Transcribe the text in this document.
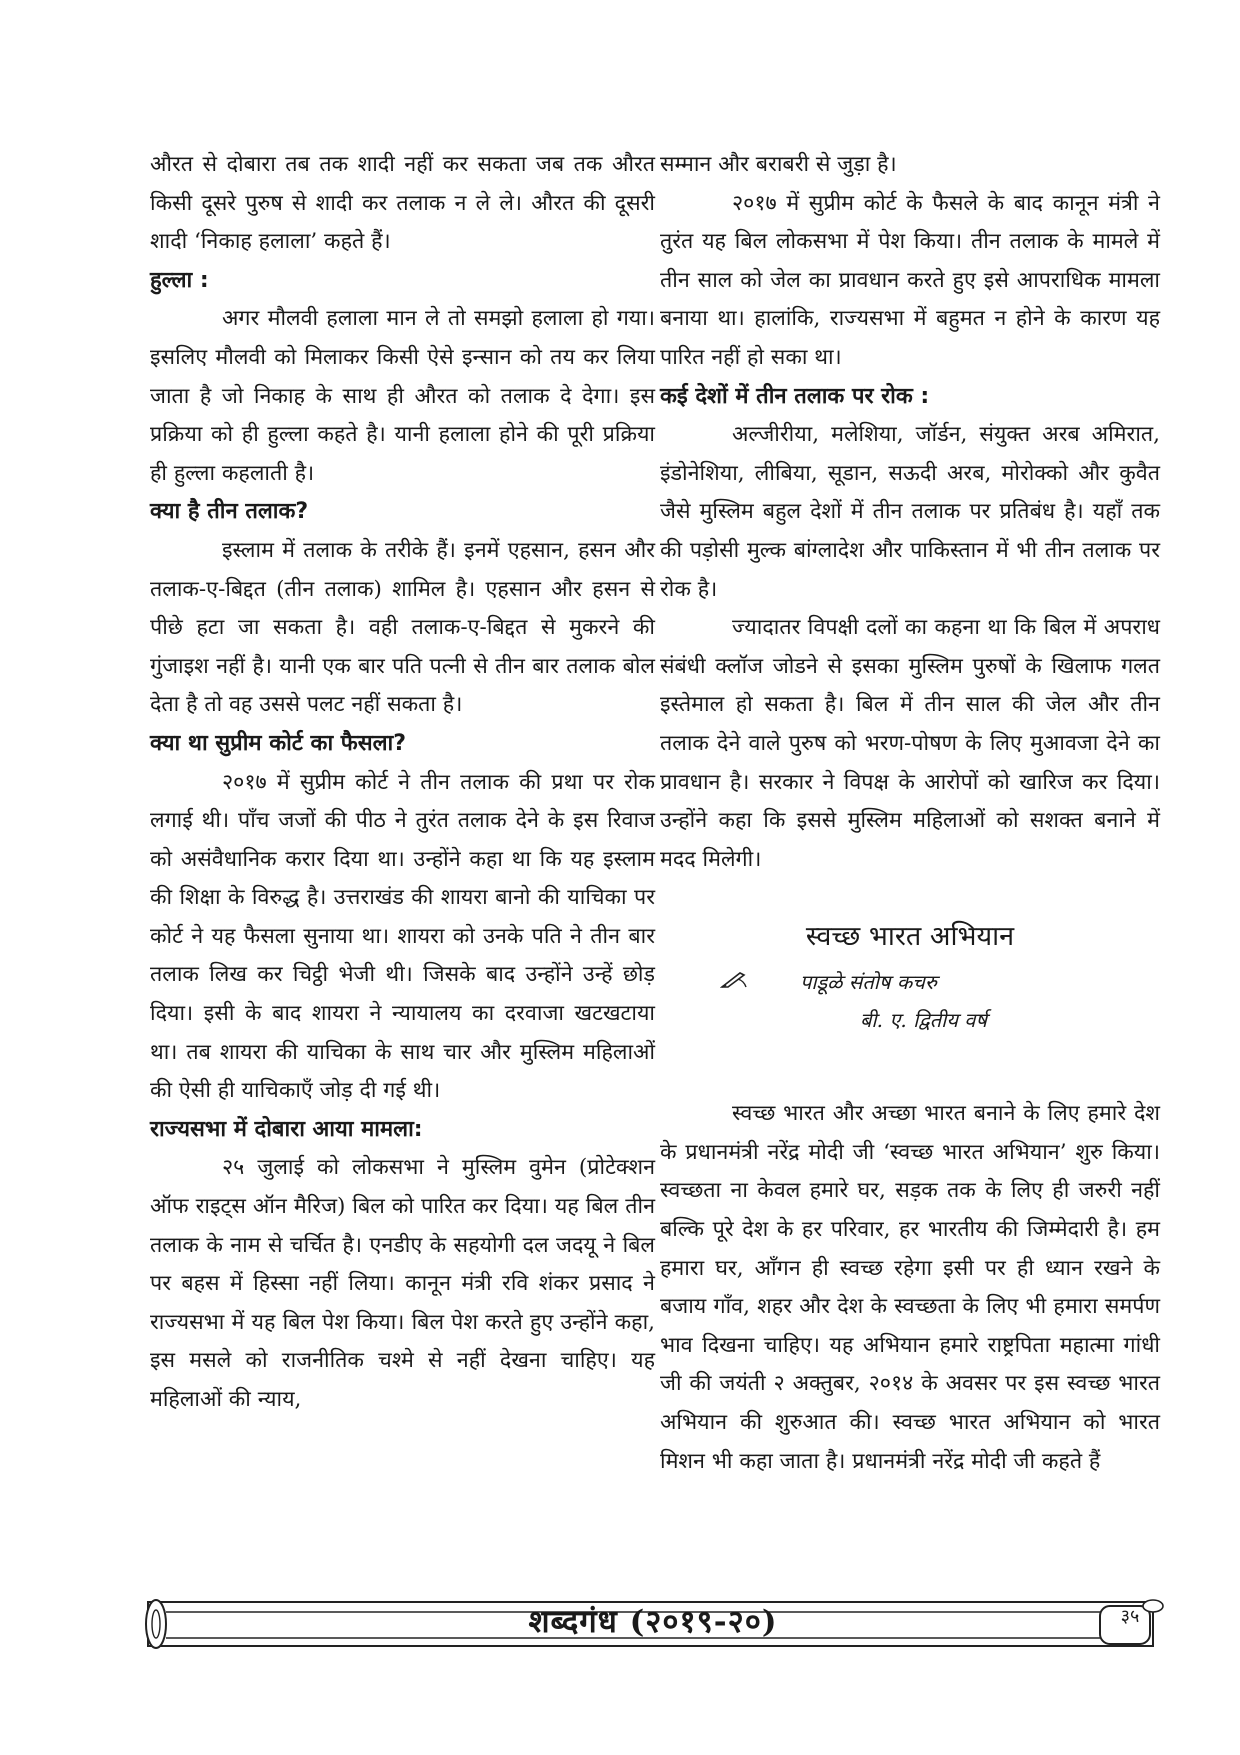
औरत से दोबारा तब तक शादी नहीं कर सकता जब तक औरत किसी दूसरे पुरुष से शादी कर तलाक न ले ले। औरत की दूसरी शादी ‘निकाह हलाला’ कहते हैं।

हुल्ला :

अगर मौलवी हलाला मान ले तो समझो हलाला हो गया। इसलिए मौलवी को मिलाकर किसी ऐसे इन्सान को तय कर लिया जाता है जो निकाह के साथ ही औरत को तलाक दे देगा। इस प्रक्रिया को ही हुल्ला कहते है। यानी हलाला होने की पूरी प्रक्रिया ही हुल्ला कहलाती है।

क्या है तीन तलाक?

इस्लाम में तलाक के तरीके हैं। इनमें एहसान, हसन और तलाक-ए-बिद्दत (तीन तलाक) शामिल है। एहसान और हसन से पीछे हटा जा सकता है। वही तलाक-ए-बिद्दत से मुकरने की गुंजाइश नहीं है। यानी एक बार पति पत्नी से तीन बार तलाक बोल देता है तो वह उससे पलट नहीं सकता है।

क्या था सुप्रीम कोर्ट का फैसला?

२०१७ में सुप्रीम कोर्ट ने तीन तलाक की प्रथा पर रोक लगाई थी। पाँच जजों की पीठ ने तुरंत तलाक देने के इस रिवाज को असंवैधानिक करार दिया था। उन्होंने कहा था कि यह इस्लाम की शिक्षा के विरुद्ध है। उत्तराखंड की शायरा बानो की याचिका पर कोर्ट ने यह फैसला सुनाया था। शायरा को उनके पति ने तीन बार तलाक लिख कर चिट्ठी भेजी थी। जिसके बाद उन्होंने उन्हें छोड़ दिया। इसी के बाद शायरा ने न्यायालय का दरवाजा खटखटाया था। तब शायरा की याचिका के साथ चार और मुस्लिम महिलाओं की ऐसी ही याचिकाएँ जोड़ दी गई थी।

राज्यसभा में दोबारा आया मामला:

२५ जुलाई को लोकसभा ने मुस्लिम वुमेन (प्रोटेक्शन ऑफ राइट्स ऑन मैरिज) बिल को पारित कर दिया। यह बिल तीन तलाक के नाम से चर्चित है। एनडीए के सहयोगी दल जदयू ने बिल पर बहस में हिस्सा नहीं लिया। कानून मंत्री रवि शंकर प्रसाद ने राज्यसभा में यह बिल पेश किया। बिल पेश करते हुए उन्होंने कहा, इस मसले को राजनीतिक चश्मे से नहीं देखना चाहिए। यह महिलाओं की न्याय,

सम्मान और बराबरी से जुड़ा है।

२०१७ में सुप्रीम कोर्ट के फैसले के बाद कानून मंत्री ने तुरंत यह बिल लोकसभा में पेश किया। तीन तलाक के मामले में तीन साल को जेल का प्रावधान करते हुए इसे आपराधिक मामला बनाया था। हालांकि, राज्यसभा में बहुमत न होने के कारण यह पारित नहीं हो सका था।

कई देशों में तीन तलाक पर रोक :

अल्जीरीया, मलेशिया, जॉर्डन, संयुक्त अरब अमिरात, इंडोनेशिया, लीबिया, सूडान, सऊदी अरब, मोरोक्को और कुवैत जैसे मुस्लिम बहुल देशों में तीन तलाक पर प्रतिबंध है। यहाँ तक की पड़ोसी मुल्क बांग्लादेश और पाकिस्तान में भी तीन तलाक पर रोक है।

ज्यादातर विपक्षी दलों का कहना था कि बिल में अपराध संबंधी क्लॉज जोडने से इसका मुस्लिम पुरुषों के खिलाफ गलत इस्तेमाल हो सकता है। बिल में तीन साल की जेल और तीन तलाक देने वाले पुरुष को भरण-पोषण के लिए मुआवजा देने का प्रावधान है। सरकार ने विपक्ष के आरोपों को खारिज कर दिया। उन्होंने कहा कि इससे मुस्लिम महिलाओं को सशक्त बनाने में मदद मिलेगी।

स्वच्छ भारत अभियान
पाडूळे संतोष कचरु
बी. ए. द्वितीय वर्ष

स्वच्छ भारत और अच्छा भारत बनाने के लिए हमारे देश के प्रधानमंत्री नरेंद्र मोदी जी ‘स्वच्छ भारत अभियान’ शुरु किया। स्वच्छता ना केवल हमारे घर, सड़क तक के लिए ही जरुरी नहीं बल्कि पूरे देश के हर परिवार, हर भारतीय की जिम्मेदारी है। हम हमारा घर, आँगन ही स्वच्छ रहेगा इसी पर ही ध्यान रखने के बजाय गाँव, शहर और देश के स्वच्छता के लिए भी हमारा समर्पण भाव दिखना चाहिए। यह अभियान हमारे राष्ट्रपिता महात्मा गांधी जी की जयंती २ अक्तुबर, २०१४ के अवसर पर इस स्वच्छ भारत अभियान की शुरुआत की। स्वच्छ भारत अभियान को भारत मिशन भी कहा जाता है। प्रधानमंत्री नरेंद्र मोदी जी कहते हैं

शब्दगंध (२०१९-२०)	३५
